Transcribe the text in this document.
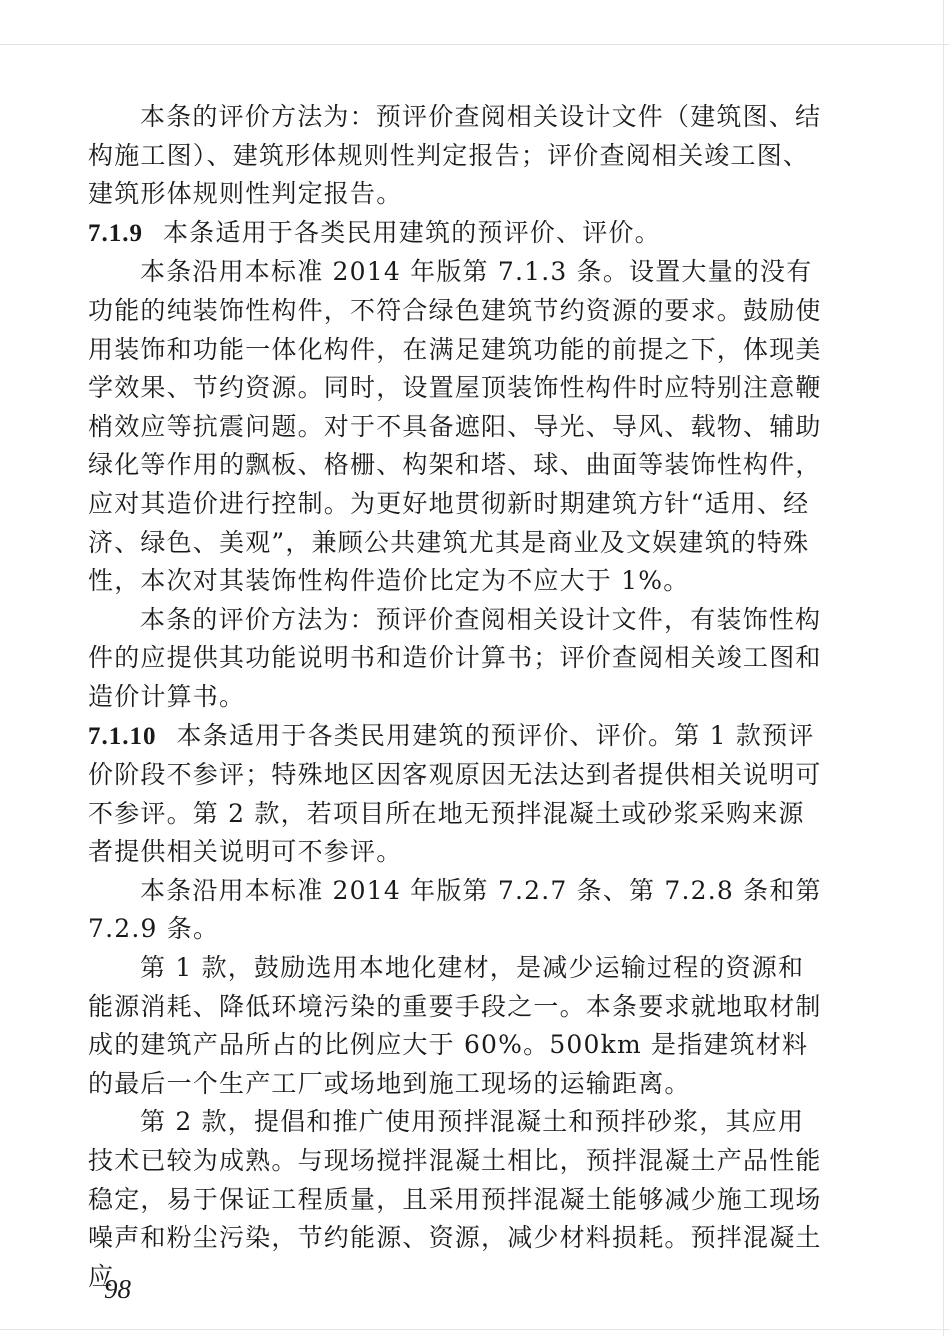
本条的评价方法为：预评价查阅相关设计文件（建筑图、结构施工图）、建筑形体规则性判定报告；评价查阅相关竣工图、建筑形体规则性判定报告。

7.1.9 本条适用于各类民用建筑的预评价、评价。

本条沿用本标准 2014 年版第 7.1.3 条。设置大量的没有功能的纯装饰性构件，不符合绿色建筑节约资源的要求。鼓励使用装饰和功能一体化构件，在满足建筑功能的前提之下，体现美学效果、节约资源。同时，设置屋顶装饰性构件时应特别注意鞭梢效应等抗震问题。对于不具备遮阳、导光、导风、载物、辅助绿化等作用的飘板、格栅、构架和塔、球、曲面等装饰性构件，应对其造价进行控制。为更好地贯彻新时期建筑方针“适用、经济、绿色、美观”，兼顾公共建筑尤其是商业及文娱建筑的特殊性，本次对其装饰性构件造价比定为不应大于 1%。

本条的评价方法为：预评价查阅相关设计文件，有装饰性构件的应提供其功能说明书和造价计算书；评价查阅相关竣工图和造价计算书。

7.1.10 本条适用于各类民用建筑的预评价、评价。第 1 款预评价阶段不参评；特殊地区因客观原因无法达到者提供相关说明可不参评。第 2 款，若项目所在地无预拌混凝土或砂浆采购来源者提供相关说明可不参评。

本条沿用本标准 2014 年版第 7.2.7 条、第 7.2.8 条和第 7.2.9 条。

第 1 款，鼓励选用本地化建材，是减少运输过程的资源和能源消耗、降低环境污染的重要手段之一。本条要求就地取材制成的建筑产品所占的比例应大于 60%。500km 是指建筑材料的最后一个生产工厂或场地到施工现场的运输距离。

第 2 款，提倡和推广使用预拌混凝土和预拌砂浆，其应用技术已较为成熟。与现场搅拌混凝土相比，预拌混凝土产品性能稳定，易于保证工程质量，且采用预拌混凝土能够减少施工现场噪声和粉尘污染，节约能源、资源，减少材料损耗。预拌混凝土应

98
